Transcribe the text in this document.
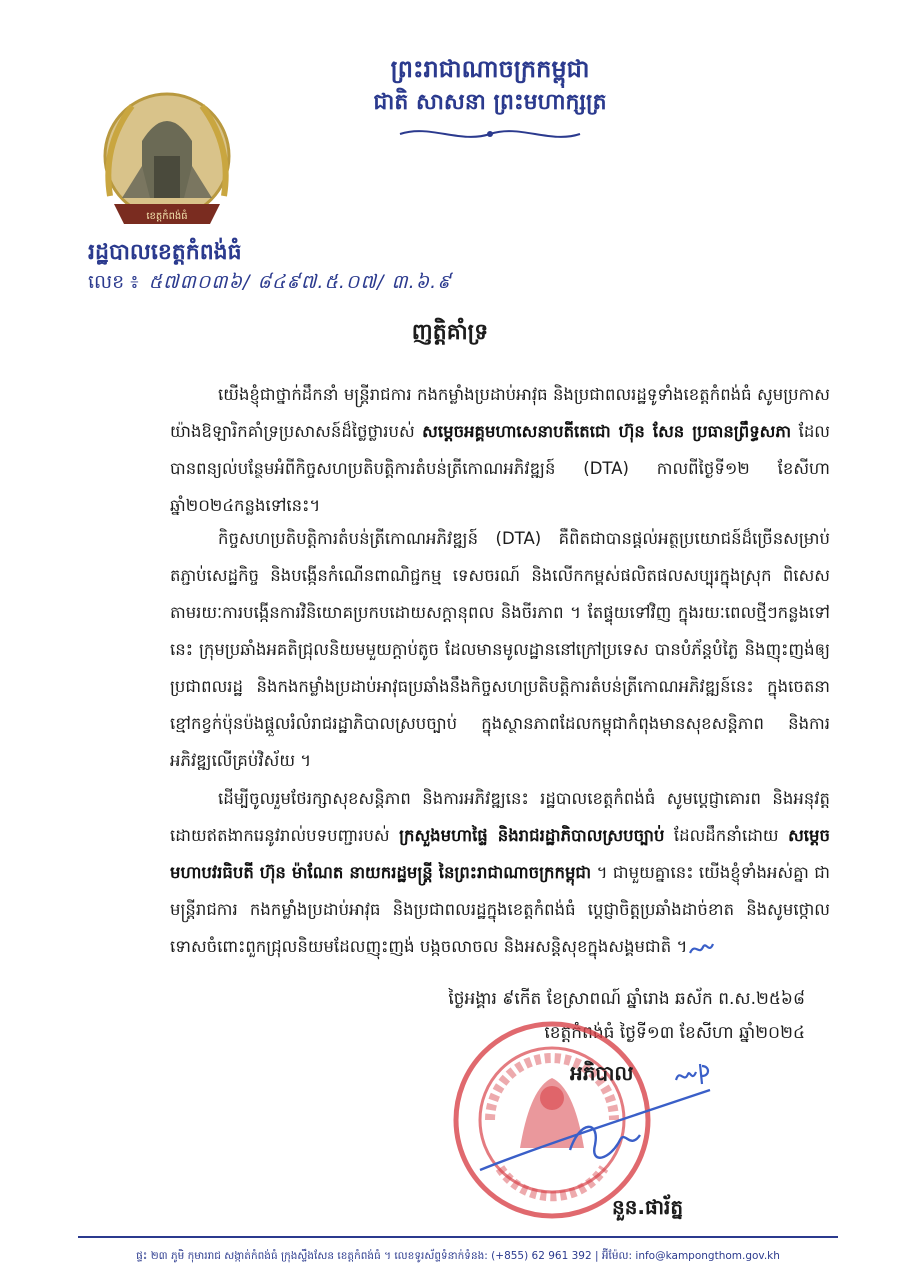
ព្រះរាជាណាចក្រកម្ពុជា
ជាតិ សាសនា ព្រះមហាក្សត្រ
ខេត្តកំពង់ធំ
រដ្ឋបាលខេត្តកំពង់ធំ
លេខ ៖ ៥៧៣០៣៦/ ៨៤៩៧.៥.០៧/ ៣.៦.៩
ញត្តិគាំទ្រ

យើងខ្ញុំជាថ្នាក់ដឹកនាំ មន្ត្រីរាជការ កងកម្លាំងប្រដាប់អាវុធ និងប្រជាពលរដ្ឋទូទាំងខេត្តកំពង់ធំ សូមប្រកាសយ៉ាងឱឡារិកគាំទ្រប្រសាសន៍ដ៏ថ្លៃថ្លារបស់ សម្តេចអគ្គមហាសេនាបតីតេជោ ហ៊ុន សែន ប្រធានព្រឹទ្ធសភា ដែលបានពន្យល់បន្ថែមអំពីកិច្ចសហប្រតិបត្តិការតំបន់ត្រីកោណអភិវឌ្ឍន៍ (DTA) កាលពីថ្ងៃទី១២ ខែសីហា ឆ្នាំ២០២៤កន្លងទៅនេះ។

កិច្ចសហប្រតិបត្តិការតំបន់ត្រីកោណអភិវឌ្ឍន៍ (DTA) គឺពិតជាបានផ្តល់អត្ថប្រយោជន៍ដ៏ច្រើនសម្រាប់តភ្ជាប់សេដ្ឋកិច្ច និងបង្កើនកំណើនពាណិជ្ជកម្ម ទេសចរណ៍ និងលើកកម្ពស់ផលិតផលសប្បុរក្នុងស្រុក ពិសេសតាមរយៈការបង្កើនការវិនិយោគប្រកបដោយសក្តានុពល និងចីរភាព ។ តែផ្ទុយទៅវិញ ក្នុងរយៈពេលថ្មីៗកន្លងទៅនេះ ក្រុមប្រឆាំងអគតិជ្រុលនិយមមួយក្តាប់តូច ដែលមានមូលដ្ឋាននៅក្រៅប្រទេស បានបំភ័ន្តបំភ្លៃ និងញុះញង់ឲ្យប្រជាពលរដ្ឋ និងកងកម្លាំងប្រដាប់អាវុធប្រឆាំងនឹងកិច្ចសហប្រតិបត្តិការតំបន់ត្រីកោណអភិវឌ្ឍន៍នេះ ក្នុងចេតនាខ្មៅកខ្វក់ប៉ុនប៉ងផ្តួលរំលំរាជរដ្ឋាភិបាលស្របច្បាប់ ក្នុងស្ថានភាពដែលកម្ពុជាកំពុងមានសុខសន្តិភាព និងការអភិវឌ្ឍលើគ្រប់វិស័យ ។

ដើម្បីចូលរួមថែរក្សាសុខសន្តិភាព និងការអភិវឌ្ឍនេះ រដ្ឋបាលខេត្តកំពង់ធំ សូមប្តេជ្ញាគោរព និងអនុវត្តដោយឥតងាករេនូវរាល់បទបញ្ជារបស់ ក្រសួងមហាផ្ទៃ និងរាជរដ្ឋាភិបាលស្របច្បាប់ ដែលដឹកនាំដោយ សម្តេចមហាបវរធិបតី ហ៊ុន ម៉ាណែត នាយករដ្ឋមន្ត្រី នៃព្រះរាជាណាចក្រកម្ពុជា ។ ជាមួយគ្នានេះ យើងខ្ញុំទាំងអស់គ្នា ជាមន្ត្រីរាជការ កងកម្លាំងប្រដាប់អាវុធ និងប្រជាពលរដ្ឋក្នុងខេត្តកំពង់ធំ ប្តេជ្ញាចិត្តប្រឆាំងដាច់ខាត និងសូមថ្កោលទោសចំពោះពួកជ្រុលនិយមដែលញុះញង់ បង្កចលាចល និងអសន្តិសុខក្នុងសង្គមជាតិ ។

ថ្ងៃអង្គារ ៩កើត ខែស្រាពណ៍ ឆ្នាំរោង ឆស័ក ព.ស.២៥៦៨
ខេត្តកំពង់ធំ ថ្ងៃទី១៣ ខែសីហា ឆ្នាំ២០២៤
អភិបាល
នួន.ផារ័ត្ន
ផ្ទះ ២៣ ភូមិ កុមាររាជ សង្កាត់កំពង់ធំ ក្រុងស្ទឹងសែន ខេត្តកំពង់ធំ ។ លេខទូរស័ព្ទទំនាក់ទំនង: (+855) 62 961 392 | អ៊ីម៉ែល: info@kampongthom.gov.kh
